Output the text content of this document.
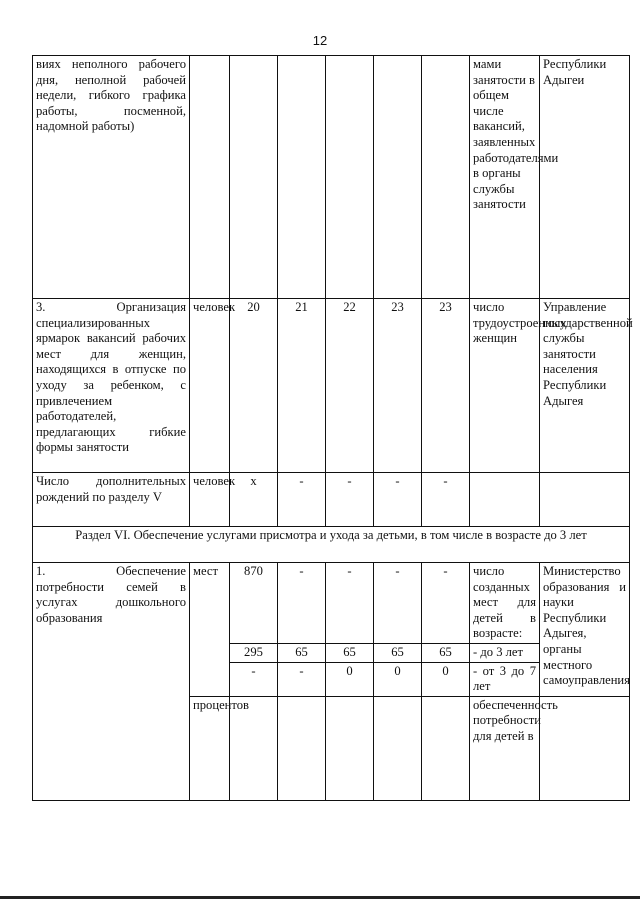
12
виях неполного рабочего дня, неполной рабочей недели, гибкого графика работы, посменной, надомной работы)							мами занятости в общем числе вакансий, заявленных работодателями в органы службы занятости	Республики Адыгеи
3. Организация специализированных ярмарок вакансий рабочих мест для женщин, находящихся в отпуске по уходу за ребенком, с привлечением работодателей, предлагающих гибкие формы занятости	человек	20	21	22	23	23	число трудоустроенных женщин	Управление государственной службы занятости населения Республики Адыгея
Число дополнительных рождений по разделу V	человек	x	-	-	-	-		
Раздел VI. Обеспечение услугами присмотра и ухода за детьми, в том числе в возрасте до 3 лет								
1. Обеспечение потребности семей в услугах дошкольного образования	мест	870	-	-	-	-	число созданных мест для детей в возрасте:	Министерство образования и науки Республики Адыгея, органы местного самоуправления
		295	65	65	65	65	- до 3 лет	
		-	-	0	0	0	- от 3 до 7 лет	
	процентов						обеспеченность потребности для детей в	
